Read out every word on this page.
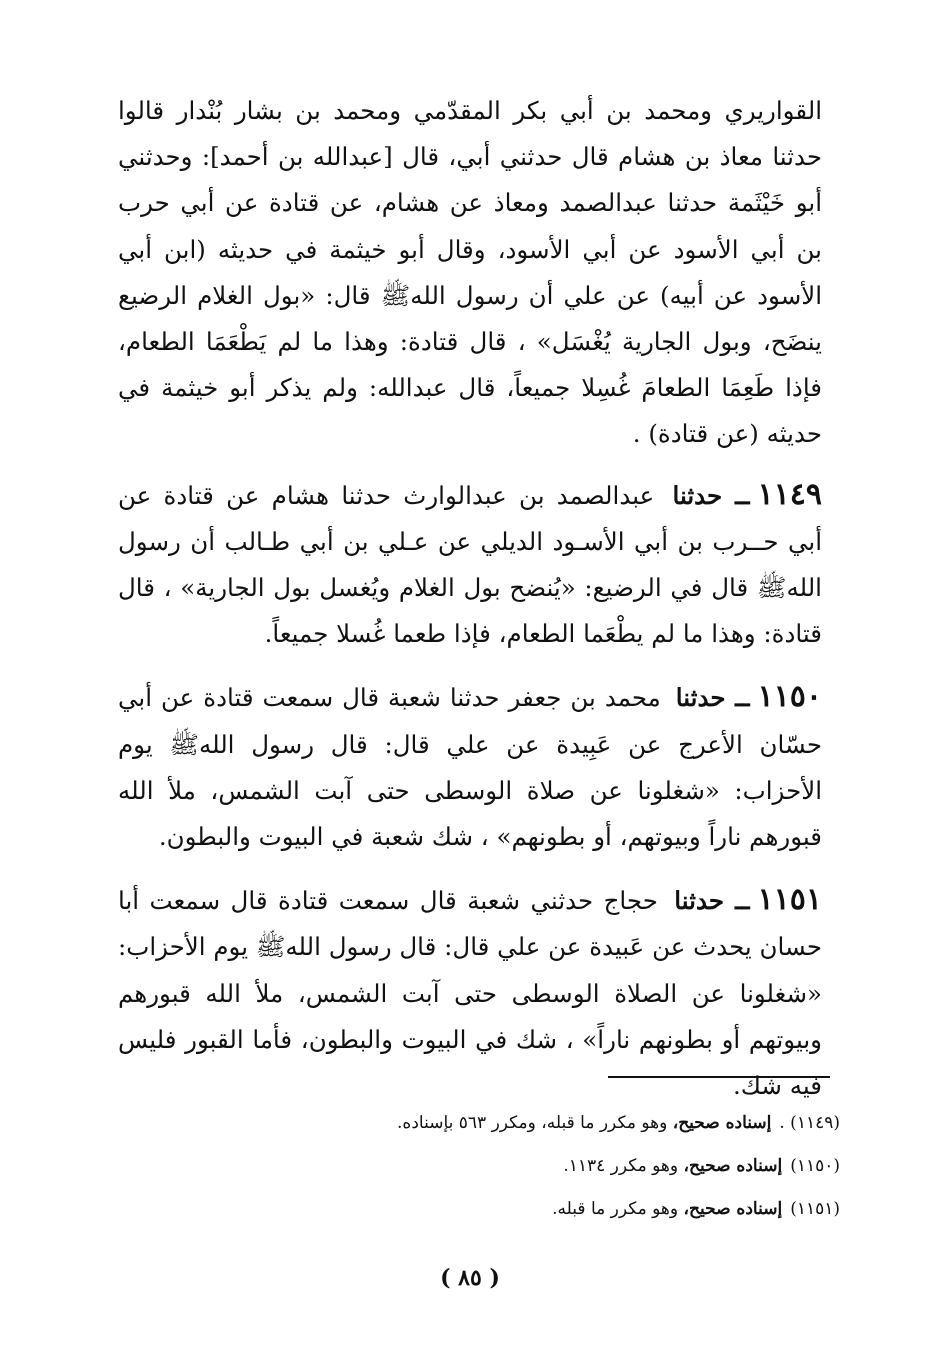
القواريري ومحمد بن أبي بكر المقدّمي ومحمد بن بشار بُنْدار قالوا حدثنا معاذ بن هشام قال حدثني أبي، قال [عبدالله بن أحمد]: وحدثني أبو خَيْثَمة حدثنا عبدالصمد ومعاذ عن هشام، عن قتادة عن أبي حرب بن أبي الأسود عن أبي الأسود، وقال أبو خيثمة في حديثه (ابن أبي الأسود عن أبيه) عن علي أن رسول اللهﷺ قال: «بول الغلام الرضيع ينضَح، وبول الجارية يُغْسَل» ، قال قتادة: وهذا ما لم يَطْعَمَا الطعام، فإذا طَعِمَا الطعامَ غُسِلا جميعاً، قال عبدالله: ولم يذكر أبو خيثمة في حديثه (عن قتادة) .

١١٤٩ــ حدثنا عبدالصمد بن عبدالوارث حدثنا هشام عن قتادة عن أبي حــرب بن أبي الأسـود الديلي عن عـلي بن أبي طـالب أن رسول اللهﷺ قال في الرضيع: «يُنضح بول الغلام ويُغسل بول الجارية» ، قال قتادة: وهذا ما لم يطْعَما الطعام، فإذا طعما غُسلا جميعاً.

١١٥٠ــ حدثنا محمد بن جعفر حدثنا شعبة قال سمعت قتادة عن أبي حسّان الأعرج عن عَبِيدة عن علي قال: قال رسول اللهﷺ يوم الأحزاب: «شغلونا عن صلاة الوسطى حتى آبت الشمس، ملأ الله قبورهم ناراً وبيوتهم، أو بطونهم» ، شك شعبة في البيوت والبطون.

١١٥١ــ حدثنا حجاج حدثني شعبة قال سمعت قتادة قال سمعت أبا حسان يحدث عن عَبيدة عن علي قال: قال رسول اللهﷺ يوم الأحزاب: «شغلونا عن الصلاة الوسطى حتى آبت الشمس، ملأ الله قبورهم وبيوتهم أو بطونهم ناراً» ، شك في البيوت والبطون، فأما القبور فليس فيه شك.

(١١٤٩) .إسناده صحيح، وهو مكرر ما قبله، ومكرر ٥٦٣ بإسناده.
(١١٥٠)إسناده صحيح، وهو مكرر ١١٣٤.
(١١٥١)إسناده صحيح، وهو مكرر ما قبله.
( ٨٥ )
